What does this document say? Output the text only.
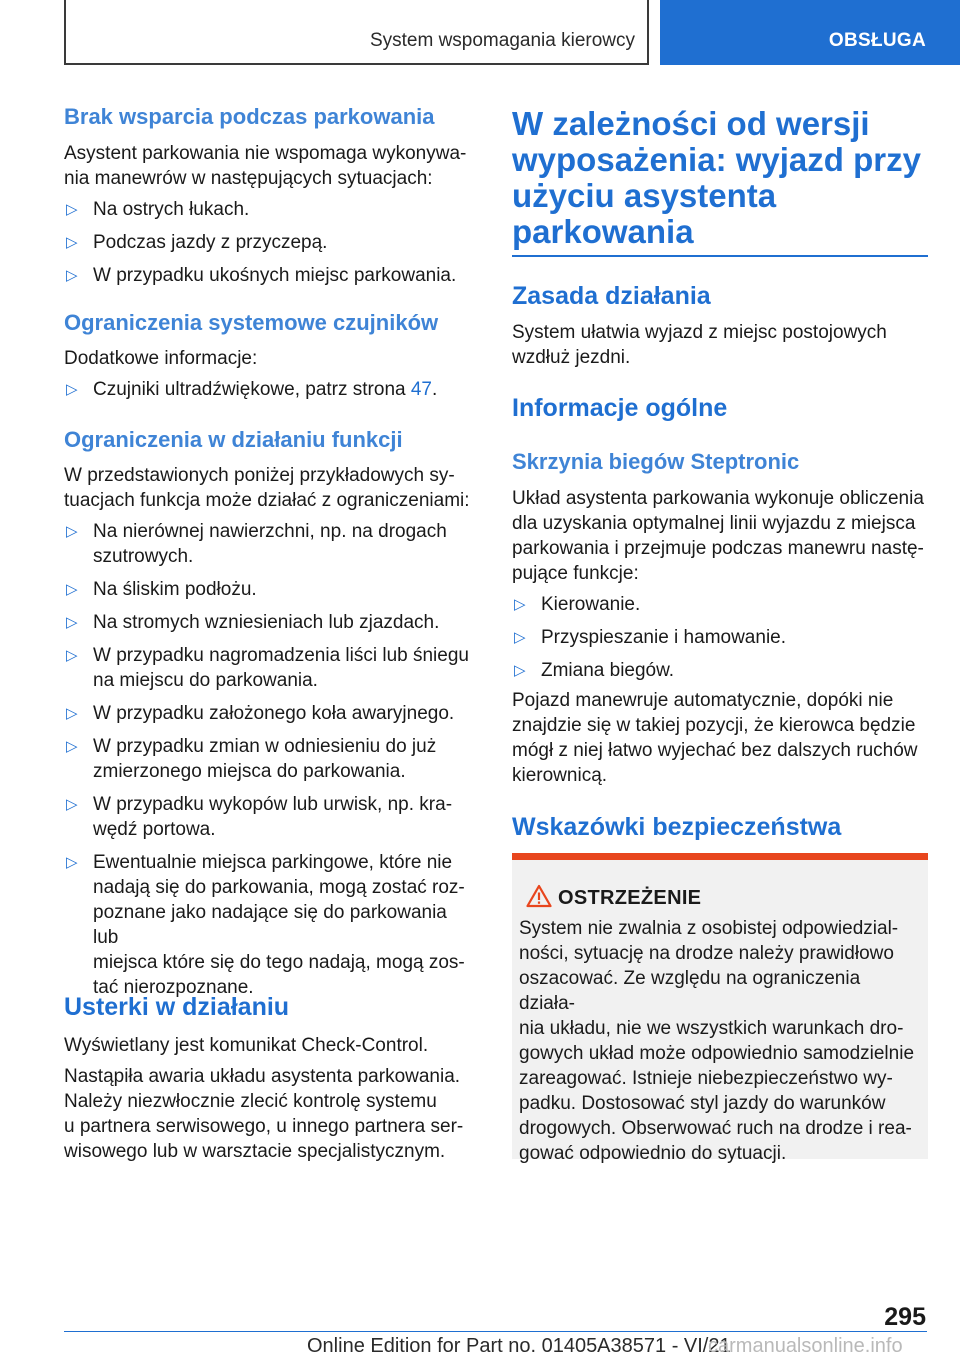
System wspomagania kierowcy	OBSŁUGA
Brak wsparcia podczas parkowania

Asystent parkowania nie wspomaga wykonywa-
nia manewrów w następujących sytuacjach:

▷ Na ostrych łukach.
▷ Podczas jazdy z przyczepą.
▷ W przypadku ukośnych miejsc parkowania.
Ograniczenia systemowe czujników

Dodatkowe informacje:

▷ Czujniki ultradźwiękowe, patrz strona 47.
Ograniczenia w działaniu funkcji

W przedstawionych poniżej przykładowych sy-
tuacjach funkcja może działać z ograniczeniami:

▷ Na nierównej nawierzchni, np. na drogach
szutrowych.
▷ Na śliskim podłożu.
▷ Na stromych wzniesieniach lub zjazdach.
▷ W przypadku nagromadzenia liści lub śniegu
na miejscu do parkowania.
▷ W przypadku założonego koła awaryjnego.
▷ W przypadku zmian w odniesieniu do już
zmierzonego miejsca do parkowania.
▷ W przypadku wykopów lub urwisk, np. kra-
wędź portowa.
▷ Ewentualnie miejsca parkingowe, które nie
nadają się do parkowania, mogą zostać roz-
poznane jako nadające się do parkowania lub
miejsca które się do tego nadają, mogą zos-
tać nierozpoznane.
Usterki w działaniu

Wyświetlany jest komunikat Check-Control.

Nastąpiła awaria układu asystenta parkowania.
Należy niezwłocznie zlecić kontrolę systemu
u partnera serwisowego, u innego partnera ser-
wisowego lub w warsztacie specjalistycznym.

W zależności od wersji
wyposażenia: wyjazd przy
użyciu asystenta
parkowania
Zasada działania

System ułatwia wyjazd z miejsc postojowych
wzdłuż jezdni.

Informacje ogólne
Skrzynia biegów Steptronic

Układ asystenta parkowania wykonuje obliczenia
dla uzyskania optymalnej linii wyjazdu z miejsca
parkowania i przejmuje podczas manewru nastę-
pujące funkcje:

▷ Kierowanie.
▷ Przyspieszanie i hamowanie.
▷ Zmiana biegów.

Pojazd manewruje automatycznie, dopóki nie
znajdzie się w takiej pozycji, że kierowca będzie
mógł z niej łatwo wyjechać bez dalszych ruchów
kierownicą.

Wskazówki bezpieczeństwa
OSTRZEŻENIE

System nie zwalnia z osobistej odpowiedzial-
ności, sytuację na drodze należy prawidłowo
oszacować. Ze względu na ograniczenia działa-
nia układu, nie we wszystkich warunkach dro-
gowych układ może odpowiednio samodzielnie
zareagować. Istnieje niebezpieczeństwo wy-
padku. Dostosować styl jazdy do warunków
drogowych. Obserwować ruch na drodze i rea-
gować odpowiednio do sytuacji.

295
Online Edition for Part no. 01405A38571 - VI/21
carmanualsonline.info
